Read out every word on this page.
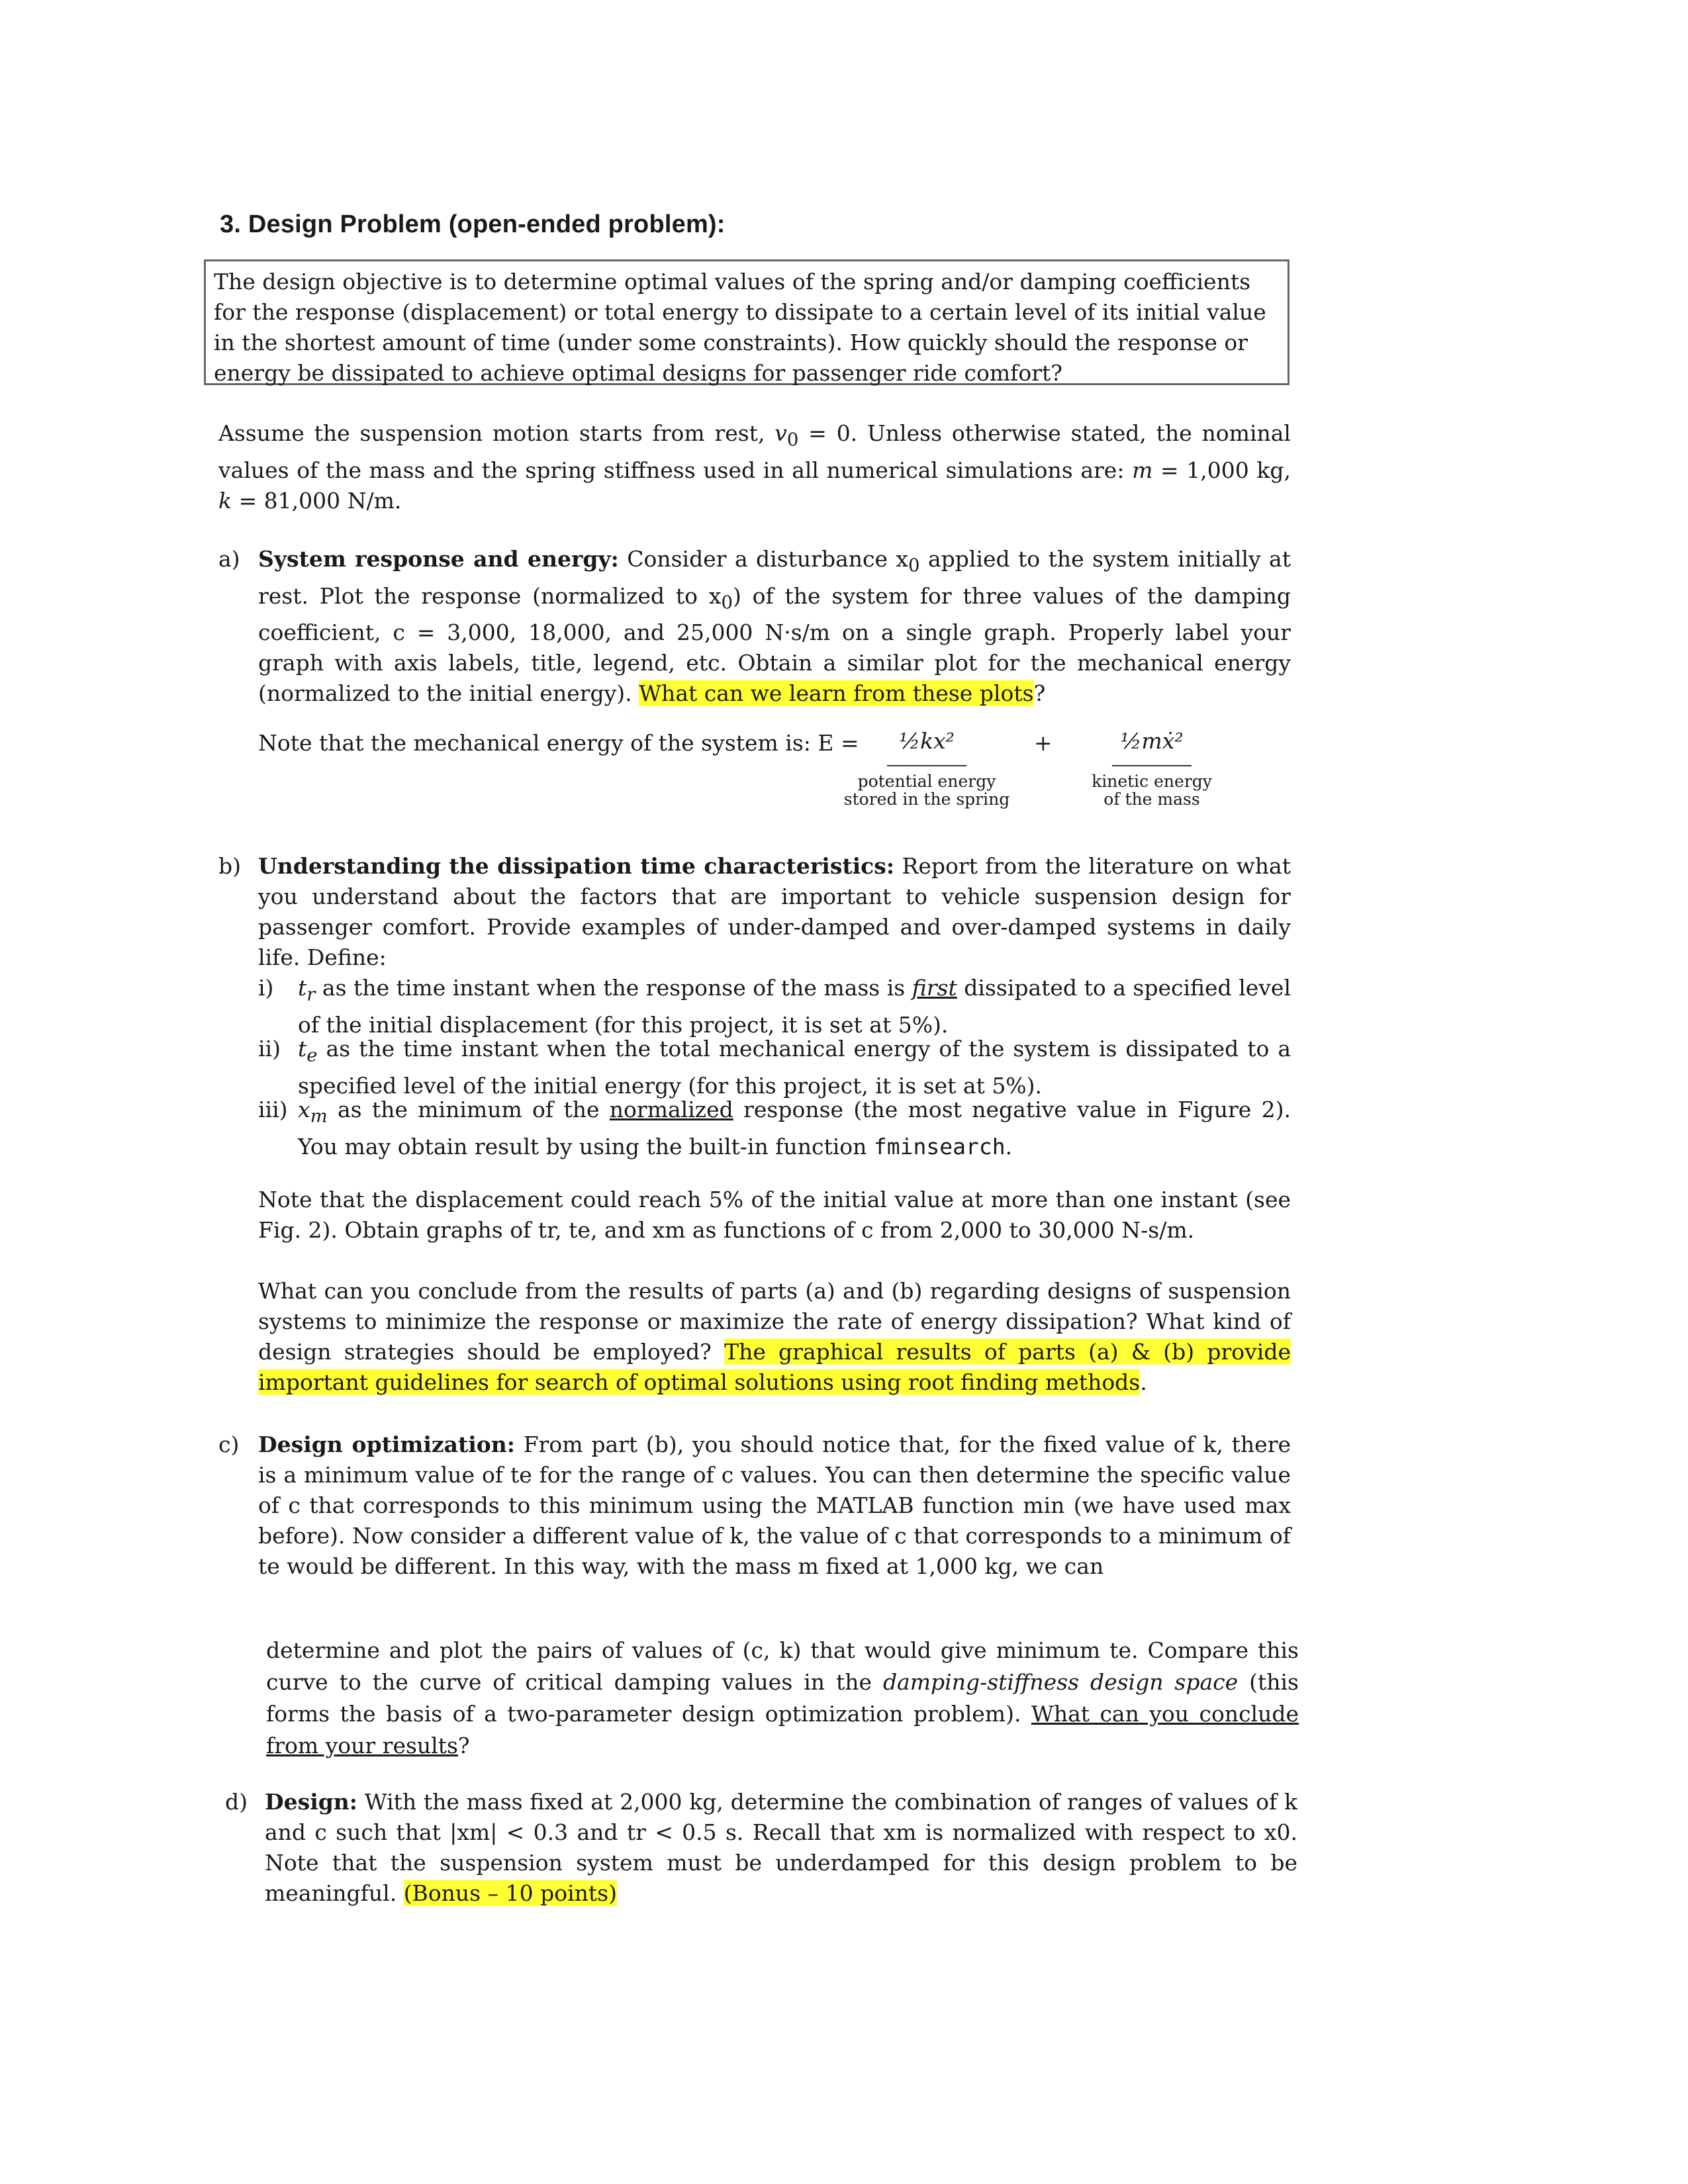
3. Design Problem (open-ended problem):
The design objective is to determine optimal values of the spring and/or damping coefficients for the response (displacement) or total energy to dissipate to a certain level of its initial value in the shortest amount of time (under some constraints). How quickly should the response or energy be dissipated to achieve optimal designs for passenger ride comfort?
Assume the suspension motion starts from rest, $v_0 = 0$. Unless otherwise stated, the nominal values of the mass and the spring stiffness used in all numerical simulations are: m = 1,000 kg, k = 81,000 N/m.
a) System response and energy: Consider a disturbance $x_0$ applied to the system initially at rest. Plot the response (normalized to $x_0$) of the system for three values of the damping coefficient, c = 3,000, 18,000, and 25,000 N·s/m on a single graph. Properly label your graph with axis labels, title, legend, etc. Obtain a similar plot for the mechanical energy (normalized to the initial energy). What can we learn from these plots?
Note that the mechanical energy of the system is: E =	½kx²
potential energy
stored in the spring
+	½mẋ²
kinetic energy
of the mass
b) Understanding the dissipation time characteristics: Report from the literature on what you understand about the factors that are important to vehicle suspension design for passenger comfort. Provide examples of under-damped and over-damped systems in daily life. Define:
i) $t_r$ as the time instant when the response of the mass is first dissipated to a specified level of the initial displacement (for this project, it is set at 5%).
ii) $t_e$ as the time instant when the total mechanical energy of the system is dissipated to a specified level of the initial energy (for this project, it is set at 5%).
iii) $x_m$ as the minimum of the normalized response (the most negative value in Figure 2). You may obtain result by using the built-in function fminsearch.
Note that the displacement could reach 5% of the initial value at more than one instant (see Fig. 2). Obtain graphs of tr, te, and xm as functions of c from 2,000 to 30,000 N-s/m.
What can you conclude from the results of parts (a) and (b) regarding designs of suspension systems to minimize the response or maximize the rate of energy dissipation? What kind of design strategies should be employed? The graphical results of parts (a) & (b) provide important guidelines for search of optimal solutions using root finding methods.
c) Design optimization: From part (b), you should notice that, for the fixed value of k, there is a minimum value of te for the range of c values. You can then determine the specific value of c that corresponds to this minimum using the MATLAB function min (we have used max before). Now consider a different value of k, the value of c that corresponds to a minimum of te would be different. In this way, with the mass m fixed at 1,000 kg, we can
determine and plot the pairs of values of (c, k) that would give minimum te. Compare this curve to the curve of critical damping values in the damping-stiffness design space (this forms the basis of a two-parameter design optimization problem). What can you conclude from your results?
d) Design: With the mass fixed at 2,000 kg, determine the combination of ranges of values of k and c such that |xm| < 0.3 and tr < 0.5 s. Recall that xm is normalized with respect to x0. Note that the suspension system must be underdamped for this design problem to be meaningful. (Bonus – 10 points)
